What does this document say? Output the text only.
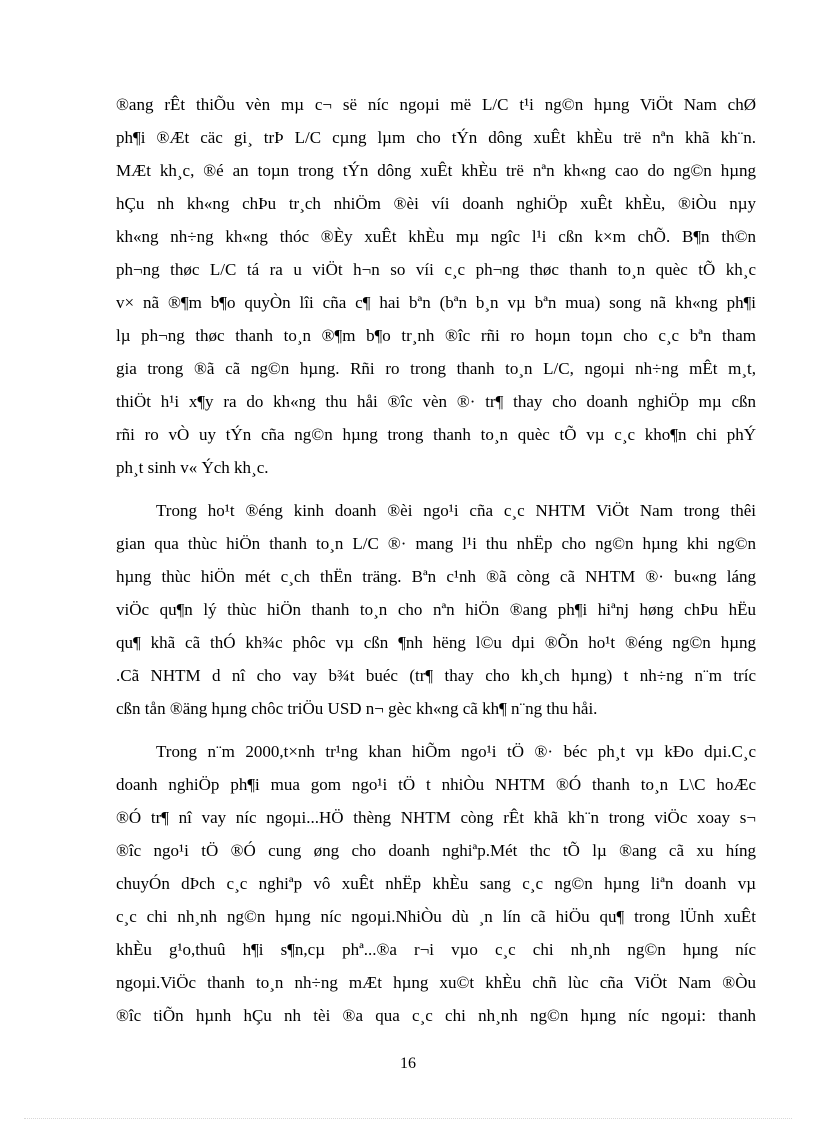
®ang rÊt thiÕu vèn mµ c¬ së níc ngoµi më L/C t¹i ng©n hµng ViÖt Nam chØ
ph¶i ®Æt cäc gi¸ trÞ L/C cµng lµm cho tÝn dông xuÊt khÈu trë nªn khã kh¨n.
MÆt kh¸c, ®é an toµn trong tÝn dông xuÊt khÈu trë nªn kh«ng cao do ng©n hµng
hÇu nh kh«ng chÞu tr¸ch nhiÖm ®èi víi doanh nghiÖp xuÊt khÈu, ®iÒu nµy
kh«ng nh÷ng kh«ng thóc ®Èy xuÊt khÈu mµ ngîc l¹i cßn k×m chÕ. B¶n th©n
ph¬ng thøc L/C tá ra u viÖt h¬n so víi c¸c ph¬ng thøc thanh to¸n quèc tÕ kh¸c
v× nã ®¶m b¶o quyÒn lîi cña c¶ hai bªn (bªn b¸n vµ bªn mua) song nã kh«ng ph¶i
lµ ph¬ng thøc thanh to¸n ®¶m b¶o tr¸nh ®îc rñi ro hoµn toµn cho c¸c bªn tham
gia trong ®ã cã ng©n hµng. Rñi ro trong thanh to¸n L/C, ngoµi nh÷ng mÊt m¸t,
thiÖt h¹i x¶y ra do kh«ng thu håi ®îc vèn ®· tr¶ thay cho doanh nghiÖp mµ cßn
rñi ro vÒ uy tÝn cña ng©n hµng trong thanh to¸n quèc tÕ vµ c¸c kho¶n chi phÝ
ph¸t sinh v« Ých kh¸c.
Trong ho¹t ®éng kinh doanh ®èi ngo¹i cña c¸c NHTM ViÖt Nam trong thêi
gian qua thùc hiÖn thanh to¸n L/C ®· mang l¹i thu nhËp cho ng©n hµng khi ng©n
hµng thùc hiÖn mét c¸ch thËn träng. Bªn c¹nh ®ã còng cã NHTM ®· bu«ng láng
viÖc qu¶n lý thùc hiÖn thanh to¸n cho nªn hiÖn ®ang ph¶i hiªnj høng chÞu hËu
qu¶ khã cã thÓ kh¾c phôc vµ cßn ¶nh hëng l©u dµi ®Õn ho¹t ®éng ng©n hµng
.Cã NHTM d nî cho vay b¾t buéc (tr¶ thay cho kh¸ch hµng) t nh÷ng n¨m tríc
cßn tån ®äng hµng chôc triÖu USD n¬ gèc kh«ng cã kh¶ n¨ng thu håi.
Trong n¨m 2000,t×nh tr¹ng khan hiÕm ngo¹i tÖ ®· béc ph¸t vµ kÐo dµi.C¸c
doanh nghiÖp ph¶i mua gom ngo¹i tÖ t nhiÒu NHTM ®Ó thanh to¸n L\C hoÆc
®Ó tr¶ nî vay níc ngoµi...HÖ thèng NHTM còng rÊt khã kh¨n trong viÖc xoay s¬
®îc ngo¹i tÖ ®Ó cung øng cho doanh nghiªp.Mét thc tÕ lµ ®ang cã xu híng
chuyÓn dÞch c¸c nghiªp vô xuÊt nhËp khÈu sang c¸c ng©n hµng liªn doanh vµ
c¸c chi nh¸nh ng©n hµng níc ngoµi.NhiÒu dù ¸n lín cã hiÖu qu¶ trong lÜnh xuÊt
khÈu g¹o,thuû h¶i s¶n,cµ phª...®a r¬i vµo c¸c chi nh¸nh ng©n hµng níc
ngoµi.ViÖc thanh to¸n nh÷ng mÆt hµng xu©t khÈu chñ lùc cña ViÖt Nam ®Òu
®îc tiÕn hµnh hÇu nh tèi ®a qua c¸c chi nh¸nh ng©n hµng níc ngoµi: thanh
16
